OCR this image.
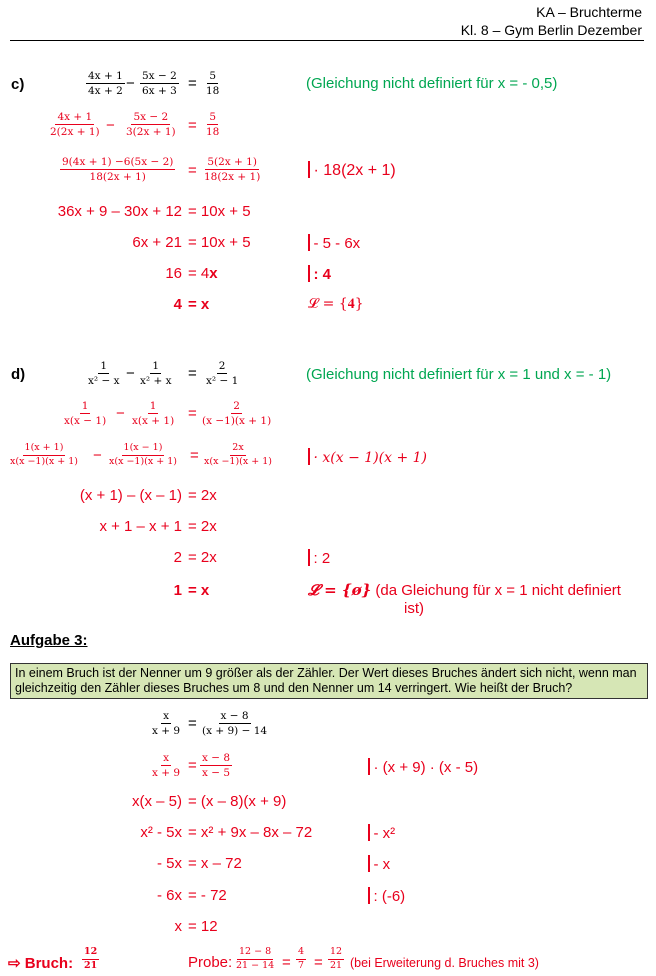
KA – Bruchterme
Kl. 8 – Gym Berlin Dezember
c)	$\frac{4x + 1}{4x + 2} - \frac{5x - 2}{6x + 3} = \frac{5}{18}$	(Gleichung nicht definiert für x = - 0,5)
$\frac{4x + 1}{2(2x + 1)} - \frac{5x - 2}{3(2x + 1)} = \frac{5}{18}$
$\frac{9(4x + 1) -6(5x - 2)}{18(2x + 1)} = \frac{5(2x + 1)}{18(2x + 1)}$	· 18(2x + 1)
36x + 9 – 30x + 12 = 10x + 5
6x + 21 = 10x + 5	- 5 - 6x
16 = 4x	: 4
4 = x	𝓛 = {𝟒}
d)	$\frac{1}{\text{x² − x}} - \frac{1}{\text{x² + x}} = \frac{2}{\text{x² − 1}}$	(Gleichung nicht definiert für x = 1 und x = - 1)
$\frac{1}{x(x - 1)} - \frac{1}{x(x + 1)} = \frac{2}{(x -1)(x + 1)}$
$\frac{1(x + 1)}{x(x -1)(x + 1)} - \frac{1(x - 1)}{x(x -1)(x + 1)} = \frac{2x}{x(x -1)(x + 1)}$	· x(x − 1)(x + 1)
(x + 1) – (x – 1) = 2x
x + 1 – x + 1 = 2x
2 = 2x	: 2
1 = x	𝓛 = {ø} (da Gleichung für x = 1 nicht definiert
ist)
Aufgabe 3:
In einem Bruch ist der Nenner um 9 größer als der Zähler. Der Wert dieses Bruches ändert sich nicht, wenn man
gleichzeitig den Zähler dieses Bruches um 8 und den Nenner um 14 verringert. Wie heißt der Bruch?
$\frac{x}{x + 9} = \frac{x - 8}{(x + 9) - 14}$
$\frac{x}{x + 9} = \frac{x - 8}{x - 5}$	· (x + 9) · (x - 5)
x(x – 5) = (x – 8)(x + 9)
x² - 5x = x² + 9x – 8x – 72	- x²
- 5x = x – 72	- x
- 6x = - 72	: (-6)
x = 12
⇨ Bruch: $\frac{12}{21}$	Probe: $\frac{12 - 8}{21 - 14} = \frac{4}{7} = \frac{12}{21} (bei$ Erweiterung d. Bruches mit 3)
